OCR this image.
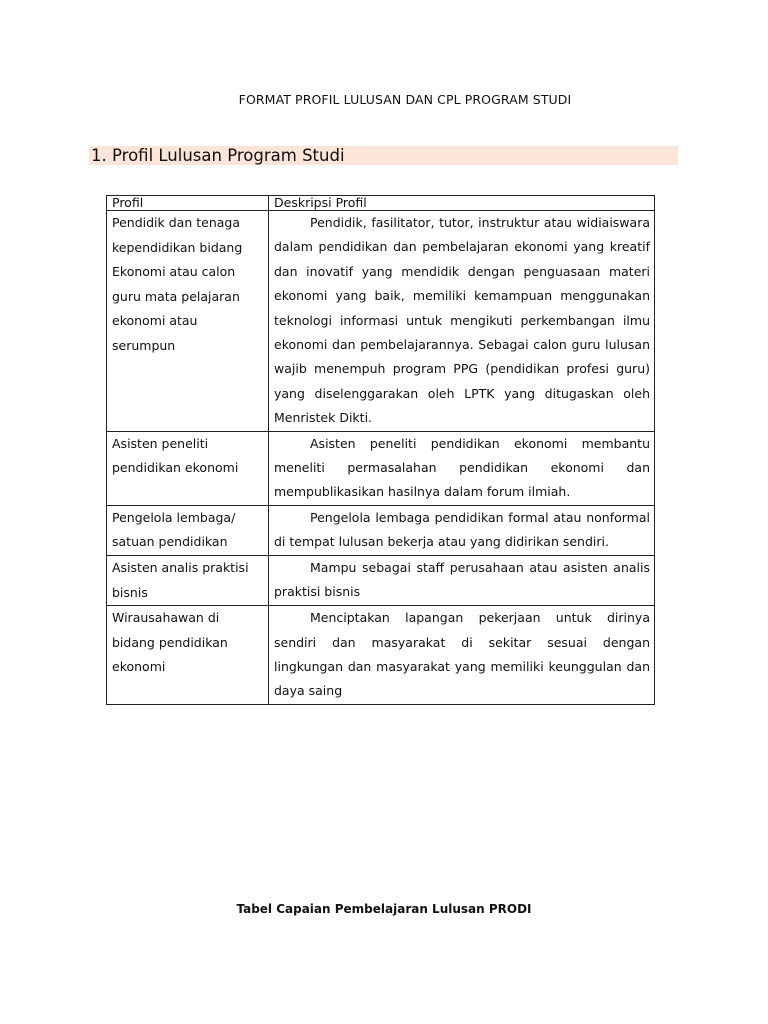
FORMAT PROFIL LULUSAN DAN CPL PROGRAM STUDI
1. Profil Lulusan Program Studi
Profil	Deskripsi Profil
Pendidik dan tenaga kependidikan bidang Ekonomi atau calon guru mata pelajaran ekonomi atau serumpun	Pendidik, fasilitator, tutor, instruktur atau widiaiswara dalam pendidikan dan pembelajaran ekonomi yang kreatif dan inovatif yang mendidik dengan penguasaan materi ekonomi yang baik, memiliki kemampuan menggunakan teknologi informasi untuk mengikuti perkembangan ilmu ekonomi dan pembelajarannya. Sebagai calon guru lulusan wajib menempuh program PPG (pendidikan profesi guru) yang diselenggarakan oleh LPTK yang ditugaskan oleh Menristek Dikti.

Asisten peneliti pendidikan ekonomi	Asisten peneliti pendidikan ekonomi membantu meneliti permasalahan pendidikan ekonomi dan mempublikasikan hasilnya dalam forum ilmiah.

Pengelola lembaga/ satuan pendidikan	Pengelola lembaga pendidikan formal atau nonformal di tempat lulusan bekerja atau yang didirikan sendiri.

Asisten analis praktisi bisnis	Mampu sebagai staff perusahaan atau asisten analis praktisi bisnis

Wirausahawan di bidang pendidikan ekonomi	Menciptakan lapangan pekerjaan untuk dirinya sendiri dan masyarakat di sekitar sesuai dengan lingkungan dan masyarakat yang memiliki keunggulan dan daya saing
Tabel Capaian Pembelajaran Lulusan PRODI
